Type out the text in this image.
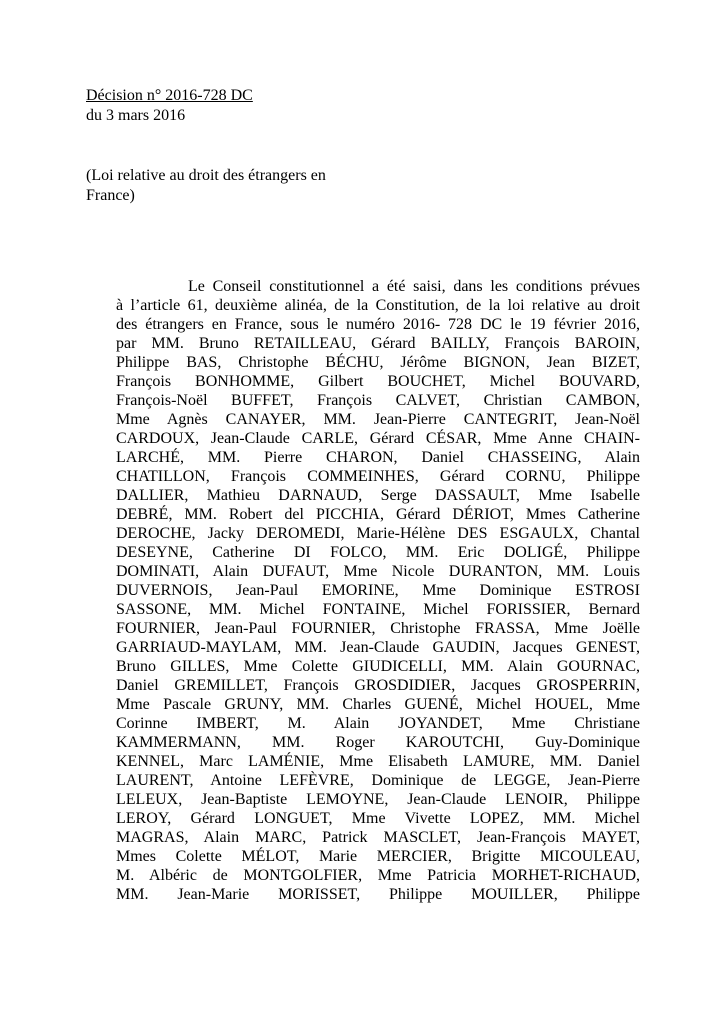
Décision n° 2016-728 DC
du 3 mars 2016
(Loi relative au droit des étrangers en
France)
Le Conseil constitutionnel a été saisi, dans les conditions prévues
à l’article 61, deuxième alinéa, de la Constitution, de la loi relative au droit
des étrangers en France, sous le numéro 2016- 728 DC le 19 février 2016,
par MM. Bruno RETAILLEAU, Gérard BAILLY, François BAROIN,
Philippe BAS, Christophe BÉCHU, Jérôme BIGNON, Jean BIZET,
François BONHOMME, Gilbert BOUCHET, Michel BOUVARD,
François-Noël BUFFET, François CALVET, Christian CAMBON,
Mme Agnès CANAYER, MM. Jean-Pierre CANTEGRIT, Jean-Noël
CARDOUX, Jean-Claude CARLE, Gérard CÉSAR, Mme Anne CHAIN-
LARCHÉ, MM. Pierre CHARON, Daniel CHASSEING, Alain
CHATILLON, François COMMEINHES, Gérard CORNU, Philippe
DALLIER, Mathieu DARNAUD, Serge DASSAULT, Mme Isabelle
DEBRÉ, MM. Robert del PICCHIA, Gérard DÉRIOT, Mmes Catherine
DEROCHE, Jacky DEROMEDI, Marie-Hélène DES ESGAULX, Chantal
DESEYNE, Catherine DI FOLCO, MM. Eric DOLIGÉ, Philippe
DOMINATI, Alain DUFAUT, Mme Nicole DURANTON, MM. Louis
DUVERNOIS, Jean-Paul EMORINE, Mme Dominique ESTROSI
SASSONE, MM. Michel FONTAINE, Michel FORISSIER, Bernard
FOURNIER, Jean-Paul FOURNIER, Christophe FRASSA, Mme Joëlle
GARRIAUD-MAYLAM, MM. Jean-Claude GAUDIN, Jacques GENEST,
Bruno GILLES, Mme Colette GIUDICELLI, MM. Alain GOURNAC,
Daniel GREMILLET, François GROSDIDIER, Jacques GROSPERRIN,
Mme Pascale GRUNY, MM. Charles GUENÉ, Michel HOUEL, Mme
Corinne IMBERT, M. Alain JOYANDET, Mme Christiane
KAMMERMANN, MM. Roger KAROUTCHI, Guy-Dominique
KENNEL, Marc LAMÉNIE, Mme Elisabeth LAMURE, MM. Daniel
LAURENT, Antoine LEFÈVRE, Dominique de LEGGE, Jean-Pierre
LELEUX, Jean-Baptiste LEMOYNE, Jean-Claude LENOIR, Philippe
LEROY, Gérard LONGUET, Mme Vivette LOPEZ, MM. Michel
MAGRAS, Alain MARC, Patrick MASCLET, Jean-François MAYET,
Mmes Colette MÉLOT, Marie MERCIER, Brigitte MICOULEAU,
M. Albéric de MONTGOLFIER, Mme Patricia MORHET-RICHAUD,
MM. Jean-Marie MORISSET, Philippe MOUILLER, Philippe
